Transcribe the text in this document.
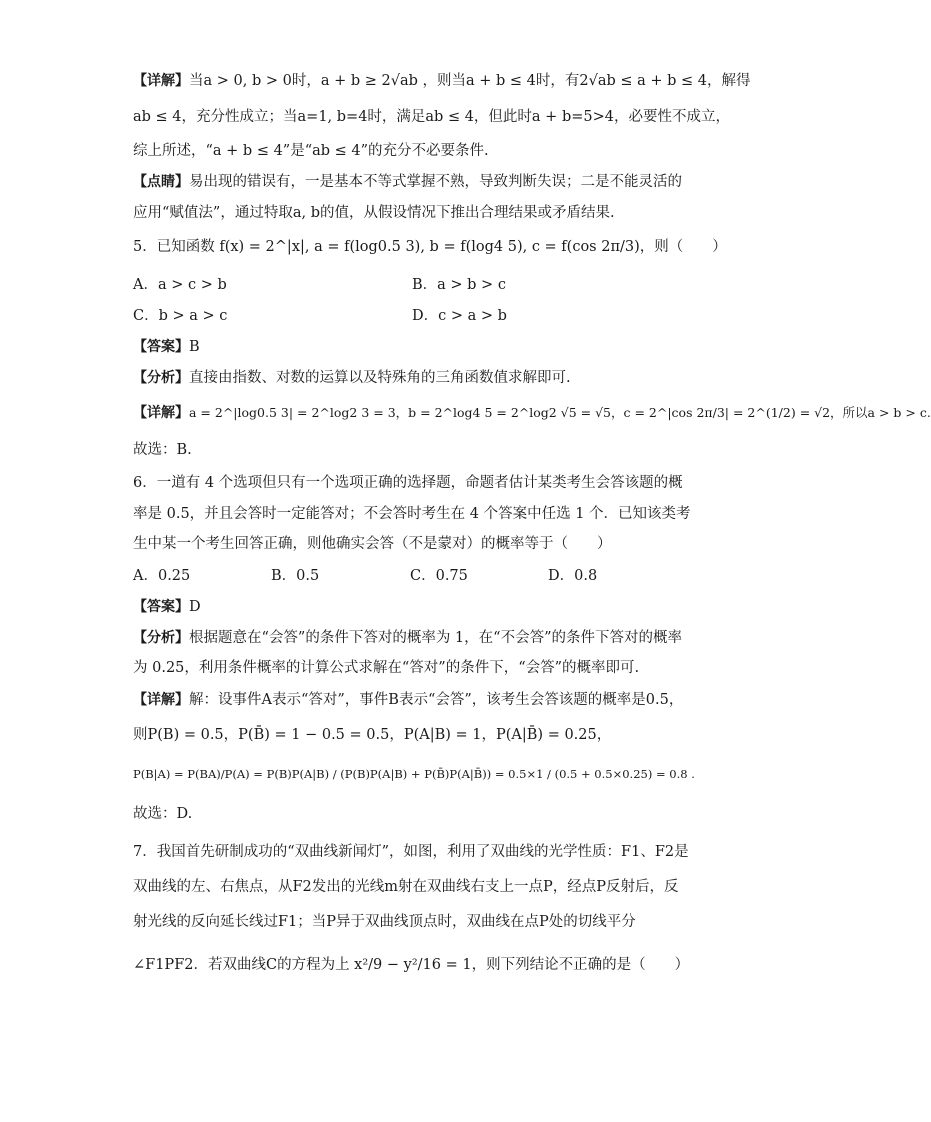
【详解】当a > 0, b > 0时，a + b ≥ 2√ab ，则当a + b ≤ 4时，有2√ab ≤ a + b ≤ 4，解得
ab ≤ 4，充分性成立；当a=1, b=4时，满足ab ≤ 4，但此时a + b=5>4，必要性不成立，
综上所述，“a + b ≤ 4”是“ab ≤ 4”的充分不必要条件.
【点睛】易出现的错误有，一是基本不等式掌握不熟，导致判断失误；二是不能灵活的
应用“赋值法”，通过特取a, b的值，从假设情况下推出合理结果或矛盾结果.
5．已知函数 f(x) = 2^|x|, a = f(log0.5 3), b = f(log4 5), c = f(cos 2π/3)，则（　　）
A．a > c > b	B．a > b > c
C．b > a > c	D．c > a > b
【答案】B
【分析】直接由指数、对数的运算以及特殊角的三角函数值求解即可.
【详解】a = 2^|log0.5 3| = 2^log2 3 = 3，b = 2^log4 5 = 2^log2 √5 = √5，c = 2^|cos 2π/3| = 2^(1/2) = √2，所以a > b > c.
故选：B.
6．一道有 4 个选项但只有一个选项正确的选择题，命题者估计某类考生会答该题的概
率是 0.5，并且会答时一定能答对；不会答时考生在 4 个答案中任选 1 个．已知该类考
生中某一个考生回答正确，则他确实会答（不是蒙对）的概率等于（　　）
A．0.25	B．0.5	C．0.75	D．0.8
【答案】D
【分析】根据题意在“会答”的条件下答对的概率为 1，在“不会答”的条件下答对的概率
为 0.25，利用条件概率的计算公式求解在“答对”的条件下，“会答”的概率即可.
【详解】解：设事件A表示“答对”，事件B表示“会答”，该考生会答该题的概率是0.5，
则P(B) = 0.5，P(B̄) = 1 − 0.5 = 0.5，P(A|B) = 1，P(A|B̄) = 0.25，
P(B|A) = P(BA)/P(A) = P(B)P(A|B) / (P(B)P(A|B) + P(B̄)P(A|B̄)) = 0.5×1 / (0.5 + 0.5×0.25) = 0.8 .
故选：D.
7．我国首先研制成功的“双曲线新闻灯”，如图，利用了双曲线的光学性质：F1、F2是
双曲线的左、右焦点，从F2发出的光线m射在双曲线右支上一点P，经点P反射后，反
射光线的反向延长线过F1；当P异于双曲线顶点时，双曲线在点P处的切线平分
∠F1PF2．若双曲线C的方程为上 x²/9 − y²/16 = 1，则下列结论不正确的是（　　）
